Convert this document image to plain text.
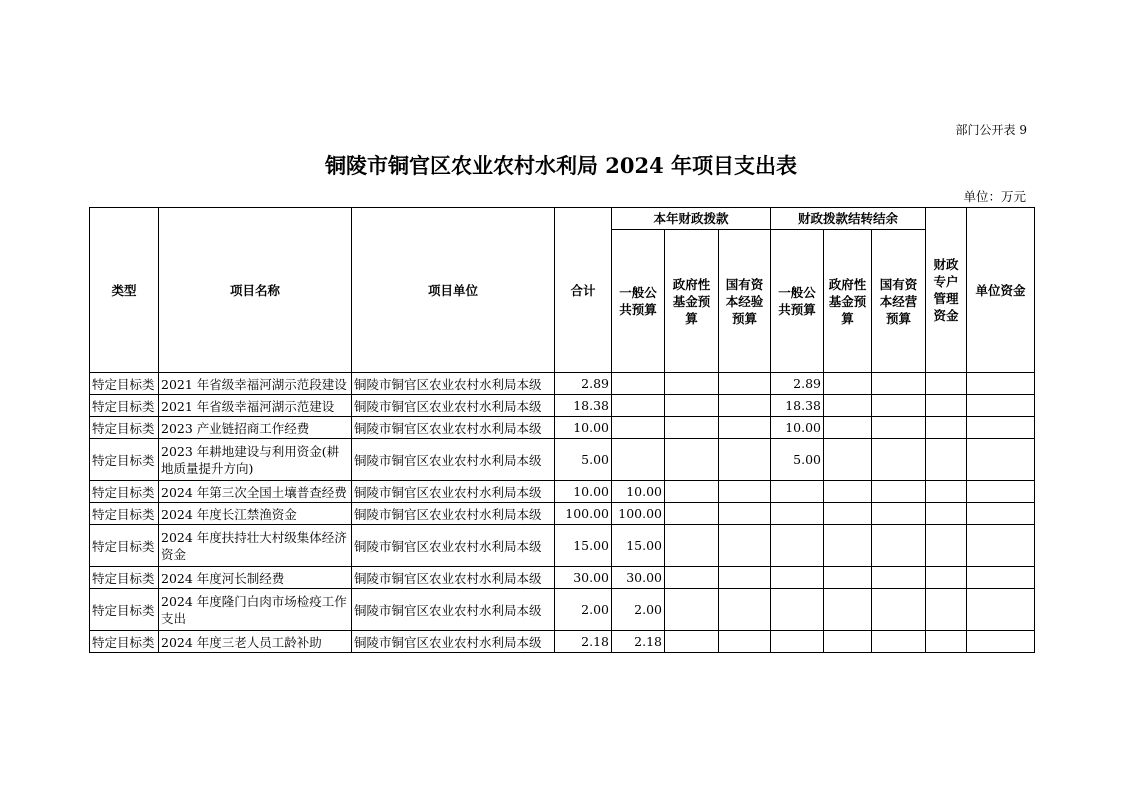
部门公开表 9
铜陵市铜官区农业农村水利局 2024 年项目支出表
单位：万元
类型	项目名称	项目单位	合计	本年财政拨款			财政拨款结转结余			财政专户管理资金	单位资金
				一般公共预算	政府性基金预算	国有资本经验预算	一般公共预算	政府性基金预算	国有资本经营预算		
特定目标类	2021 年省级幸福河湖示范段建设	铜陵市铜官区农业农村水利局本级	2.89				2.89				
特定目标类	2021 年省级幸福河湖示范建设	铜陵市铜官区农业农村水利局本级	18.38				18.38				
特定目标类	2023 产业链招商工作经费	铜陵市铜官区农业农村水利局本级	10.00				10.00				
特定目标类	2023 年耕地建设与利用资金(耕地质量提升方向)	铜陵市铜官区农业农村水利局本级	5.00				5.00				
特定目标类	2024 年第三次全国土壤普查经费	铜陵市铜官区农业农村水利局本级	10.00	10.00							
特定目标类	2024 年度长江禁渔资金	铜陵市铜官区农业农村水利局本级	100.00	100.00							
特定目标类	2024 年度扶持壮大村级集体经济资金	铜陵市铜官区农业农村水利局本级	15.00	15.00							
特定目标类	2024 年度河长制经费	铜陵市铜官区农业农村水利局本级	30.00	30.00							
特定目标类	2024 年度隆门白肉市场检疫工作支出	铜陵市铜官区农业农村水利局本级	2.00	2.00							
特定目标类	2024 年度三老人员工龄补助	铜陵市铜官区农业农村水利局本级	2.18	2.18							
